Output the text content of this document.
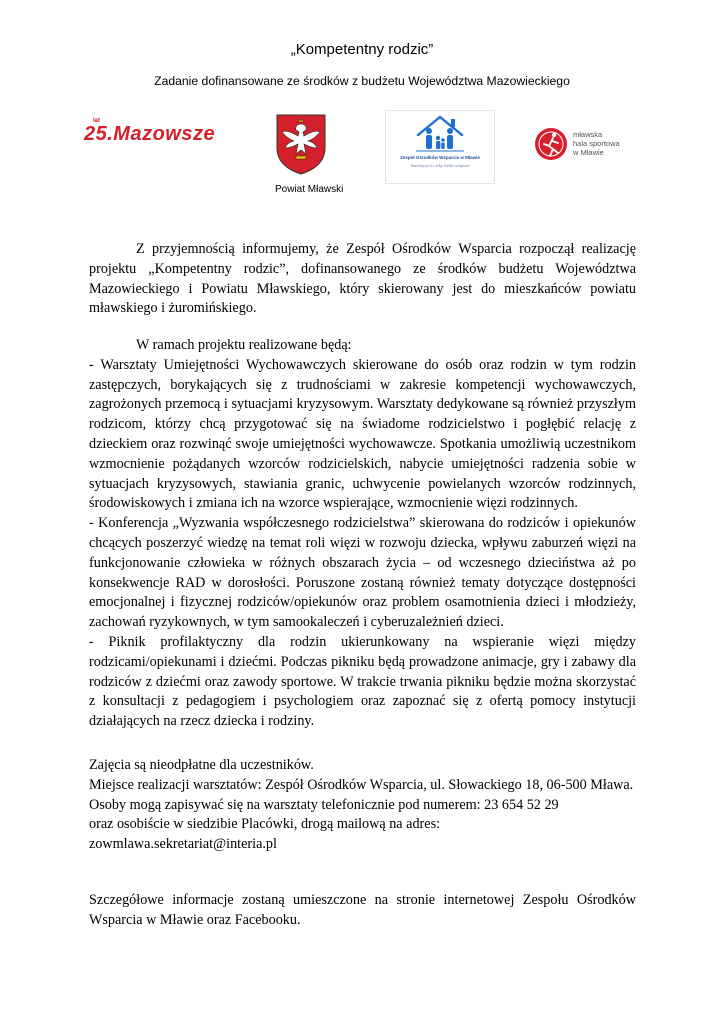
„Kompetentny rodzic”
Zadanie dofinansowane ze środków z budżetu Województwa Mazowieckiego
lat
25.Mazowsze
Powiat Mławski
Zespół Ośrodków Wsparcia w Mławie
Jesteśmy po to, żeby Ciebie wesprzeć
mławska
hala sportowa
w Mławie

Z przyjemnością informujemy, że Zespół Ośrodków Wsparcia rozpoczął realizację projektu „Kompetentny rodzic”, dofinansowanego ze środków budżetu Województwa Mazowieckiego i Powiatu Mławskiego, który skierowany jest do mieszkańców powiatu mławskiego i żuromińskiego.

W ramach projektu realizowane będą:

- Warsztaty Umiejętności Wychowawczych skierowane do osób oraz rodzin w tym rodzin zastępczych, borykających się z trudnościami w zakresie kompetencji wychowawczych, zagrożonych przemocą i sytuacjami kryzysowym. Warsztaty dedykowane są również przyszłym rodzicom, którzy chcą przygotować się na świadome rodzicielstwo i pogłębić relację z dzieckiem oraz rozwinąć swoje umiejętności wychowawcze. Spotkania umożliwią uczestnikom wzmocnienie pożądanych wzorców rodzicielskich, nabycie umiejętności radzenia sobie w sytuacjach kryzysowych, stawiania granic, uchwycenie powielanych wzorców rodzinnych, środowiskowych i zmiana ich na wzorce wspierające, wzmocnienie więzi rodzinnych.

- Konferencja „Wyzwania współczesnego rodzicielstwa” skierowana do rodziców i opiekunów chcących poszerzyć wiedzę na temat roli więzi w rozwoju dziecka, wpływu zaburzeń więzi na funkcjonowanie człowieka w różnych obszarach życia – od wczesnego dzieciństwa aż po konsekwencje RAD w dorosłości. Poruszone zostaną również tematy dotyczące dostępności emocjonalnej i fizycznej rodziców/opiekunów oraz problem osamotnienia dzieci i młodzieży, zachowań ryzykownych, w tym samookaleczeń i cyberuzależnień dzieci.

- Piknik profilaktyczny dla rodzin ukierunkowany na wspieranie więzi między rodzicami/opiekunami i dziećmi. Podczas pikniku będą prowadzone animacje, gry i zabawy dla rodziców z dziećmi oraz zawody sportowe. W trakcie trwania pikniku będzie można skorzystać z konsultacji z pedagogiem i psychologiem oraz zapoznać się z ofertą pomocy instytucji działających na rzecz dziecka i rodziny.

Zajęcia są nieodpłatne dla uczestników.

Miejsce realizacji warsztatów: Zespół Ośrodków Wsparcia, ul. Słowackiego 18, 06-500 Mława.

Osoby mogą zapisywać się na warsztaty telefonicznie pod numerem: 23 654 52 29

oraz osobiście w siedzibie Placówki, drogą mailową na adres:

zowmlawa.sekretariat@interia.pl

Szczegółowe informacje zostaną umieszczone na stronie internetowej Zespołu Ośrodków Wsparcia w Mławie oraz Facebooku.
